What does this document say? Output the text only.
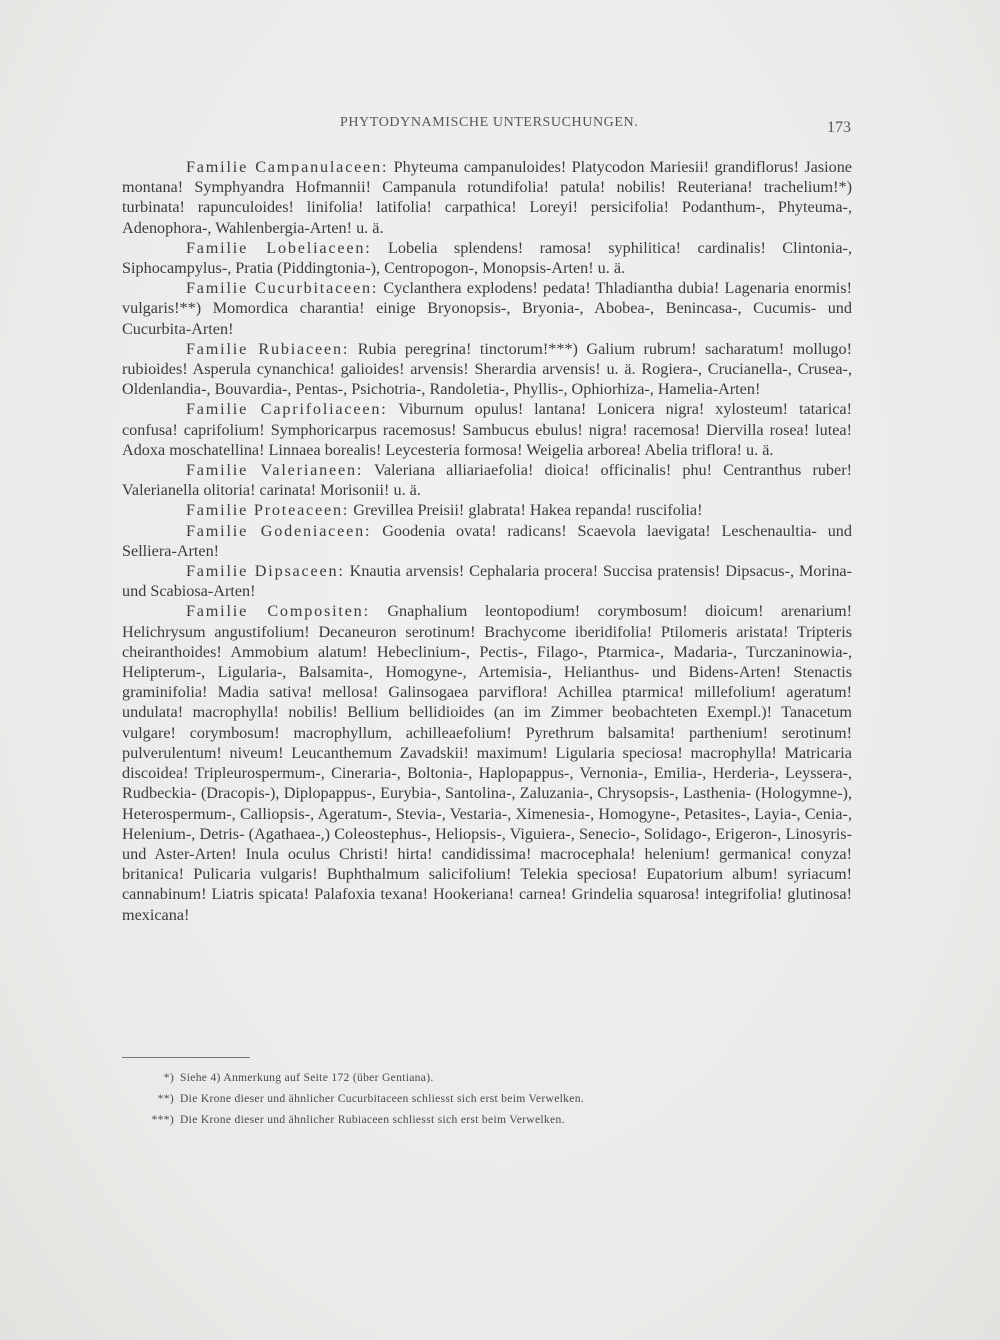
PHYTODYNAMISCHE UNTERSUCHUNGEN.	173

Familie Campanulaceen: Phyteuma campanuloides! Platycodon Mariesii! grandiflorus! Jasione montana! Symphyandra Hofmannii! Campanula rotundifolia! patula! nobilis! Reuteriana! trachelium!*) turbinata! rapunculoides! linifolia! latifolia! carpathica! Loreyi! persicifolia! Podanthum-, Phyteuma-, Adenophora-, Wahlenbergia-Arten! u. ä.

Familie Lobeliaceen: Lobelia splendens! ramosa! syphilitica! cardinalis! Clintonia-, Siphocampylus-, Pratia (Piddingtonia-), Centropogon-, Monopsis-Arten! u. ä.

Familie Cucurbitaceen: Cyclanthera explodens! pedata! Thladiantha dubia! Lagenaria enormis! vulgaris!**) Momordica charantia! einige Bryonopsis-, Bryonia-, Abobea-, Benincasa-, Cucumis- und Cucurbita-Arten!

Familie Rubiaceen: Rubia peregrina! tinctorum!***) Galium rubrum! sacharatum! mollugo! rubioides! Asperula cynanchica! galioides! arvensis! Sherardia arvensis! u. ä. Rogiera-, Crucianella-, Crusea-, Oldenlandia-, Bouvardia-, Pentas-, Psichotria-, Randoletia-, Phyllis-, Ophiorhiza-, Hamelia-Arten!

Familie Caprifoliaceen: Viburnum opulus! lantana! Lonicera nigra! xylosteum! tatarica! confusa! caprifolium! Symphoricarpus racemosus! Sambucus ebulus! nigra! racemosa! Diervilla rosea! lutea! Adoxa moschatellina! Linnaea borealis! Leycesteria formosa! Weigelia arborea! Abelia triflora! u. ä.

Familie Valerianeen: Valeriana alliariaefolia! dioica! officinalis! phu! Centranthus ruber! Valerianella olitoria! carinata! Morisonii! u. ä.

Familie Proteaceen: Grevillea Preisii! glabrata! Hakea repanda! ruscifolia!

Familie Godeniaceen: Goodenia ovata! radicans! Scaevola laevigata! Leschenaultia- und Selliera-Arten!

Familie Dipsaceen: Knautia arvensis! Cephalaria procera! Succisa pratensis! Dipsacus-, Morina- und Scabiosa-Arten!

Familie Compositen: Gnaphalium leontopodium! corymbosum! dioicum! arenarium! Helichrysum angustifolium! Decaneuron serotinum! Brachycome iberidifolia! Ptilomeris aristata! Tripteris cheiranthoides! Ammobium alatum! Hebeclinium-, Pectis-, Filago-, Ptarmica-, Madaria-, Turczaninowia-, Helipterum-, Ligularia-, Balsamita-, Homogyne-, Artemisia-, Helianthus- und Bidens-Arten! Stenactis graminifolia! Madia sativa! mellosa! Galinsogaea parviflora! Achillea ptarmica! millefolium! ageratum! undulata! macrophylla! nobilis! Bellium bellidioides (an im Zimmer beobachteten Exempl.)! Tanacetum vulgare! corymbosum! macrophyllum, achilleaefolium! Pyrethrum balsamita! parthenium! serotinum! pulverulentum! niveum! Leucanthemum Zavadskii! maximum! Ligularia speciosa! macrophylla! Matricaria discoidea! Tripleurospermum-, Cineraria-, Boltonia-, Haplopappus-, Vernonia-, Emilia-, Herderia-, Leyssera-, Rudbeckia- (Dracopis-), Diplopappus-, Eurybia-, Santolina-, Zaluzania-, Chrysopsis-, Lasthenia- (Hologymne-), Heterospermum-, Calliopsis-, Ageratum-, Stevia-, Vestaria-, Ximenesia-, Homogyne-, Petasites-, Layia-, Cenia-, Helenium-, Detris- (Agathaea-,) Coleostephus-, Heliopsis-, Viguiera-, Senecio-, Solidago-, Erigeron-, Linosyris- und Aster-Arten! Inula oculus Christi! hirta! candidissima! macrocephala! helenium! germanica! conyza! britanica! Pulicaria vulgaris! Buphthalmum salicifolium! Telekia speciosa! Eupatorium album! syriacum! cannabinum! Liatris spicata! Palafoxia texana! Hookeriana! carnea! Grindelia squarosa! integrifolia! glutinosa! mexicana!

*) Siehe 4) Anmerkung auf Seite 172 (über Gentiana).

**) Die Krone dieser und ähnlicher Cucurbitaceen schliesst sich erst beim Verwelken.

***) Die Krone dieser und ähnlicher Rubiaceen schliesst sich erst beim Verwelken.
